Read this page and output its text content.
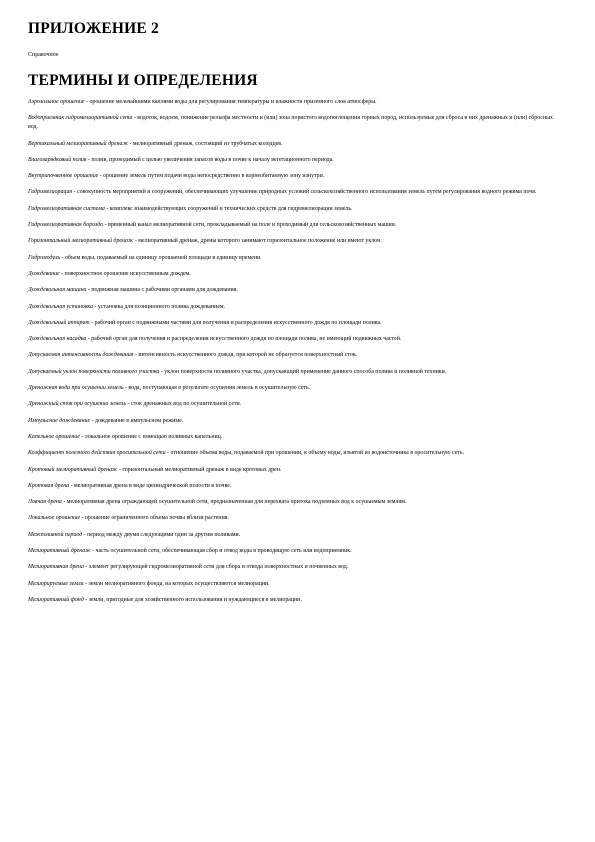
ПРИЛОЖЕНИЕ 2
Справочное
ТЕРМИНЫ И ОПРЕДЕЛЕНИЯ

Аэрозольное орошение - орошение мельчайшими каплями воды для регулирования температуры и влажности приземного слоя атмосферы.

Водоприемник гидромелиоративной сети - водоток, водоем, понижение рельефа местности и (или) зона пористого водопоглощения горных пород, используемые для сброса в них дренажных и (или) сбросных вод.

Вертикальный мелиоративный дренаж - мелиоративный дренаж, состоящий из трубчатых колодцев.

Влагозарядковый полив - полив, проводимый с целью увеличения запасов воды в почве к началу вегетационного периода.

Внутрипочвенное орошение - орошение земель путем подачи воды непосредственно в корнеобитаемую зону изнутри.

Гидромелиорация - совокупность мероприятий и сооружений, обеспечивающих улучшение природных условий сельскохозяйственного использования земель путем регулирования водного режима почв.

Гидромелиоративная система - комплекс взаимодействующих сооружений и технических средств для гидромелиорации земель.

Гидромелиоративная борозда - временный канал мелиоративной сети, прокладываемый на поле и проходимый для сельскохозяйственных машин.

Горизонтальный мелиоративный дренаж - мелиоративный дренаж, дрены которого занимают горизонтальное положение или имеют уклон.

Гидромодуль - объем воды, подаваемый на единицу орошаемой площади в единицу времени.

Дождевание - поверхностное орошение искусственным дождем.

Дождевальная машина - подвижная машина с рабочими органами для дождевания.

Дождевальная установка - установка для позиционного полива дождеванием.

Дождевальный аппарат - рабочий орган с подвижными частями для получения и распределения искусственного дождя по площади полива.

Дождевальная насадка - рабочий орган для получения и распределения искусственного дождя по площади полива, не имеющий подвижных частей.

Допускаемая интенсивность дождевания - интенсивность искусственного дождя, при которой не образуется поверхностный сток.

Допускаемый уклон поверхности поливного участка - уклон поверхности поливного участка, допускающий применение данного способа полива и поливной техники.

Дренажная вода при осушении земель - вода, поступающая в результате осушения земель в осушительную сеть.

Дренажный сток при осушении земель - сток дренажных вод по осушительной сети.

Импульсное дождевание - дождевание в импульсном режиме.

Капельное орошение - локальное орошение с помощью поливных капельниц.

Коэффициент полезного действия оросительной сети - отношение объема воды, подаваемой при орошении, к объему воды, изъятой из водоисточника в оросительную сеть.

Кротовый мелиоративный дренаж - горизонтальный мелиоративный дренаж в виде кротовых дрен.

Кротовая дрена - мелиоративная дрена в виде цилиндрической полости в почве.

Ловчая дрена - мелиоративная дрена ограждающей осушительной сети, предназначенная для перехвата притока подземных вод к осушаемым землям.

Локальное орошение - орошение ограниченного объема почвы вблизи растения.

Межполивной период - период между двумя следующими один за другим поливами.

Мелиоративный дренаж - часть осушительной сети, обеспечивающая сбор и отвод воды в проводящую сеть или водоприемник.

Мелиоративная дрена - элемент регулирующей гидромелиоративной сети для сбора и отвода поверхностных и почвенных вод.

Мелиорируемые земли - земли мелиоративного фонда, на которых осуществляются мелиорации.

Мелиоративный фонд - земли, пригодные для хозяйственного использования и нуждающиеся в мелиорации.
